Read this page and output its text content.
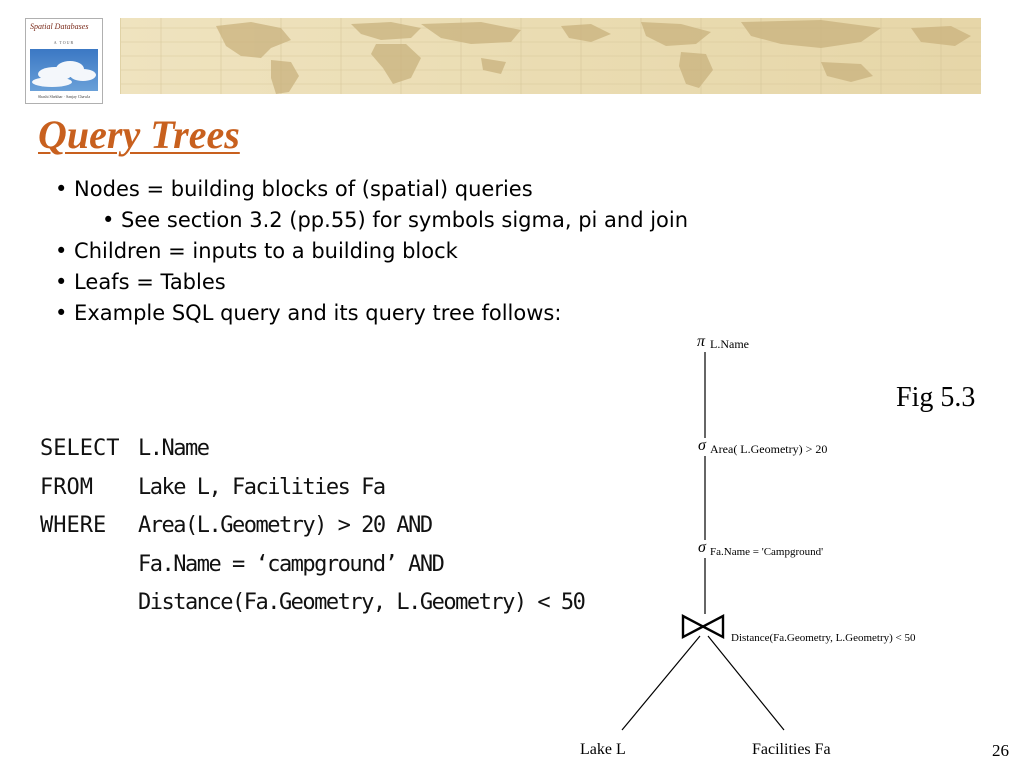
Spatial Databases
A TOUR
Shashi Shekhar · Sanjay Chawla
Query Trees
• Nodes = building blocks of (spatial) queries
• See section 3.2 (pp.55) for symbols sigma, pi and join
• Children = inputs to a building block
• Leafs = Tables
• Example SQL query and its query tree follows:
Fig 5.3
SELECT L.Name
FROM Lake L, Facilities Fa
WHERE Area(L.Geometry) > 20 AND
Fa.Name = ‘campground’ AND
Distance(Fa.Geometry, L.Geometry) < 50
π L.Name
σ Area( L.Geometry) > 20
σ Fa.Name = 'Campground'
Distance(Fa.Geometry, L.Geometry) < 50
Lake L	Facilities Fa	26
